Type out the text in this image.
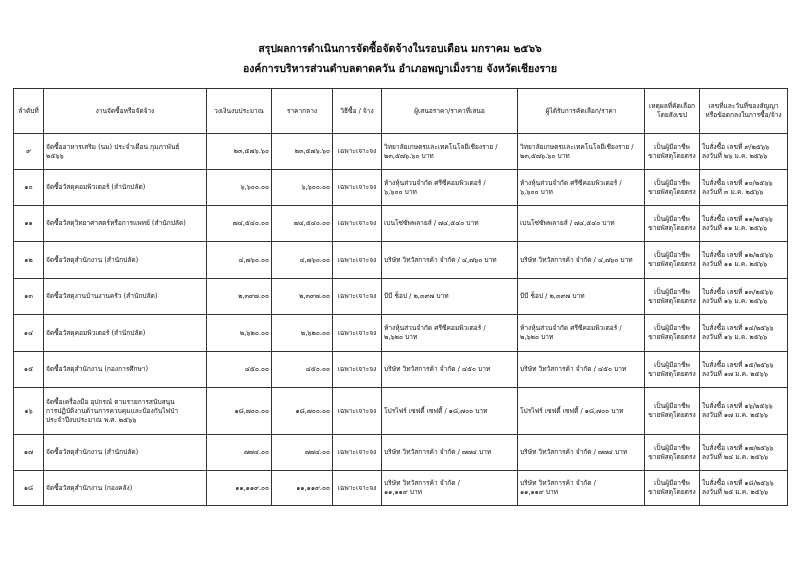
สรุปผลการดำเนินการจัดซื้อจัดจ้างในรอบเดือน มกราคม ๒๕๖๖
องค์การบริหารส่วนตำบลตาดควัน อำเภอพญาเม็งราย จังหวัดเชียงราย
ลำดับที่	งานจัดซื้อหรือจัดจ้าง	วงเงินงบประมาณ	ราคากลาง	วิธีซื้อ / จ้าง	ผู้เสนอราคา/ราคาที่เสนอ	ผู้ได้รับการคัดเลือก/ราคา	เหตุผลที่คัดเลือก
โดยสังเขป	เลขที่และวันที่ของสัญญา
หรือข้อตกลงในการซื้อ/จ้าง

๙	จัดซื้ออาหารเสริม (นม) ประจำเดือน กุมภาพันธ์
๒๕๖๖	๒๓,๕๗๖.๖๐	๒๓,๕๗๖.๖๐	เฉพาะเจาะจง	วิทยาลัยเกษตรและเทคโนโลยีเชียงราย /
๒๓,๕๗๖.๖๐ บาท	วิทยาลัยเกษตรและเทคโนโลยีเชียงราย /
๒๓,๕๗๖.๖๐ บาท	เป็นผู้มีอาชีพ
ขายพัสดุโดยตรง	ใบสั่งซื้อ เลขที่ ๙/๒๕๖๖
ลงวันที่ ๒๖ ม.ค. ๒๕๖๖

๑๐	จัดซื้อวัสดุคอมพิวเตอร์ (สำนักปลัด)	๖,๖๐๐.๐๐	๖,๖๐๐.๐๐	เฉพาะเจาะจง	ห้างหุ้นส่วนจำกัด ศรีซีคอมพิวเตอร์ /
๖,๖๐๐ บาท	ห้างหุ้นส่วนจำกัด ศรีซีคอมพิวเตอร์ /
๖,๖๐๐ บาท	เป็นผู้มีอาชีพ
ขายพัสดุโดยตรง	ใบสั่งซื้อ เลขที่ ๑๐/๒๕๖๖
ลงวันที่ ๓ ม.ค. ๒๕๖๖

๑๑	จัดซื้อวัสดุวิทยาศาสตร์หรือการแพทย์ (สำนักปลัด)	๗๔,๕๔๐.๐๐	๗๔,๕๔๐.๐๐	เฉพาะเจาะจง	เบนโซ่ซัพพลายส์ / ๗๔,๕๔๐ บาท	เบนโซ่ซัพพลายส์ / ๗๔,๕๔๐ บาท	เป็นผู้มีอาชีพ
ขายพัสดุโดยตรง	ใบสั่งซื้อ เลขที่ ๑๑/๒๕๖๖
ลงวันที่ ๑๑ ม.ค. ๒๕๖๖

๑๒	จัดซื้อวัสดุสำนักงาน (สำนักปลัด)	๔,๗๖๐.๐๐	๔,๗๖๐.๐๐	เฉพาะเจาะจง	บริษัท วิทวัสการค้า จำกัด / ๔,๗๖๐ บาท	บริษัท วิทวัสการค้า จำกัด / ๔,๗๖๐ บาท	เป็นผู้มีอาชีพ
ขายพัสดุโดยตรง	ใบสั่งซื้อ เลขที่ ๑๒/๒๕๖๖
ลงวันที่ ๑๑ ม.ค. ๒๕๖๖

๑๓	จัดซื้อวัสดุงานบ้านงานครัว (สำนักปลัด)	๒,๓๙๗.๐๐	๒,๓๙๗.๐๐	เฉพาะเจาะจง	บีบี ช็อป / ๒,๓๙๗ บาท	บีบี ช็อป / ๒,๓๙๗ บาท	เป็นผู้มีอาชีพ
ขายพัสดุโดยตรง	ใบสั่งซื้อ เลขที่ ๑๓/๒๕๖๖
ลงวันที่ ๑๖ ม.ค. ๒๕๖๖

๑๔	จัดซื้อวัสดุคอมพิวเตอร์ (สำนักปลัด)	๒,๖๒๐.๐๐	๒,๖๒๐.๐๐	เฉพาะเจาะจง	ห้างหุ้นส่วนจำกัด ศรีซีคอมพิวเตอร์ /
๒,๖๒๐ บาท	ห้างหุ้นส่วนจำกัด ศรีซีคอมพิวเตอร์ /
๒,๖๒๐ บาท	เป็นผู้มีอาชีพ
ขายพัสดุโดยตรง	ใบสั่งซื้อ เลขที่ ๑๔/๒๕๖๖
ลงวันที่ ๑๖ ม.ค. ๒๕๖๖

๑๕	จัดซื้อวัสดุสำนักงาน (กองการศึกษา)	๔๕๐.๐๐	๔๕๐.๐๐	เฉพาะเจาะจง	บริษัท วิทวัสการค้า จำกัด / ๔๕๐ บาท	บริษัท วิทวัสการค้า จำกัด / ๔๕๐ บาท	เป็นผู้มีอาชีพ
ขายพัสดุโดยตรง	ใบสั่งซื้อ เลขที่ ๑๕/๒๕๖๖
ลงวันที่ ๑๗ ม.ค. ๒๕๖๖

๑๖	จัดซื้อเครื่องมือ อุปกรณ์ ตามรายการสนับสนุน
การปฏิบัติงานด้านการควบคุมและป้องกันไฟป่า
ประจำปีงบประมาณ พ.ศ. ๒๕๖๖	๑๘,๗๐๐.๐๐	๑๘,๗๐๐.๐๐	เฉพาะเจาะจง	โปรไฟร์ เซฟตี้ เซฟตี้ / ๑๘,๗๐๐ บาท	โปรไฟร์ เซฟตี้ เซฟตี้ / ๑๘,๗๐๐ บาท	เป็นผู้มีอาชีพ
ขายพัสดุโดยตรง	ใบสั่งซื้อ เลขที่ ๑๖/๒๕๖๖
ลงวันที่ ๑๗ ม.ค. ๒๕๖๖

๑๗	จัดซื้อวัสดุสำนักงาน (สำนักปลัด)	๗๗๔.๐๐	๗๗๔.๐๐	เฉพาะเจาะจง	บริษัท วิทวัสการค้า จำกัด / ๗๗๔ บาท	บริษัท วิทวัสการค้า จำกัด / ๗๗๔ บาท	เป็นผู้มีอาชีพ
ขายพัสดุโดยตรง	ใบสั่งซื้อ เลขที่ ๑๗/๒๕๖๖
ลงวันที่ ๒๔ ม.ค. ๒๕๖๖

๑๘	จัดซื้อวัสดุสำนักงาน (กองคลัง)	๑๑,๑๑๙.๐๐	๑๑,๑๑๙.๐๐	เฉพาะเจาะจง	บริษัท วิทวัสการค้า จำกัด /
๑๑,๑๑๙ บาท	บริษัท วิทวัสการค้า จำกัด /
๑๑,๑๑๙ บาท	เป็นผู้มีอาชีพ
ขายพัสดุโดยตรง	ใบสั่งซื้อ เลขที่ ๑๘/๒๕๖๖
ลงวันที่ ๒๕ ม.ค. ๒๕๖๖
